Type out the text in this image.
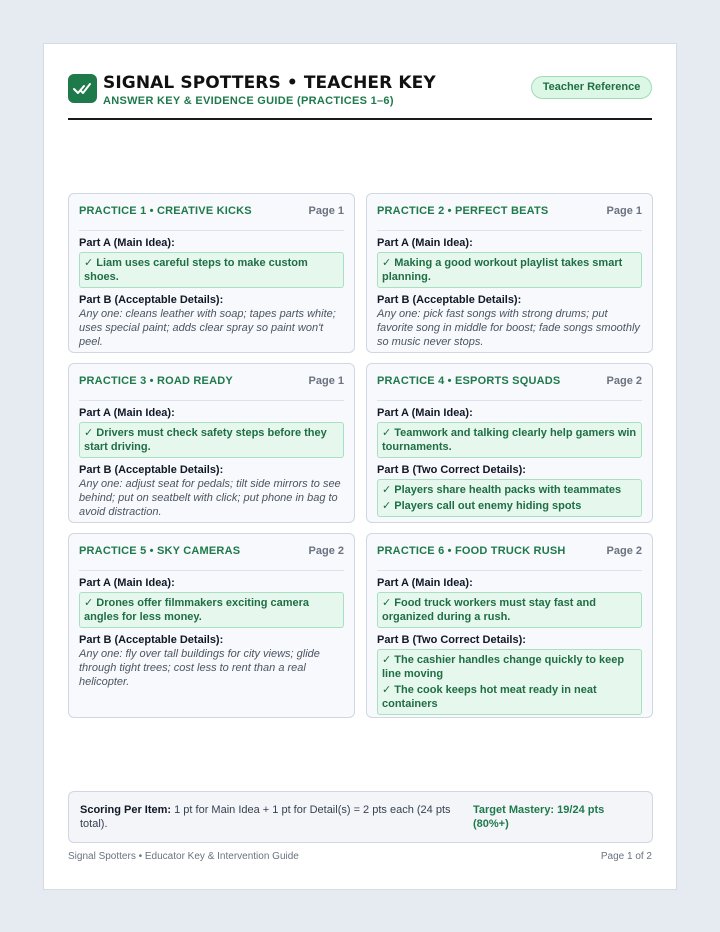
SIGNAL SPOTTERS • TEACHER KEY
ANSWER KEY & EVIDENCE GUIDE (PRACTICES 1–6)
Teacher Reference
PRACTICE 1 • CREATIVE KICKS	Page 1
Part A (Main Idea):
✓ Liam uses careful steps to make custom shoes.
Part B (Acceptable Details):
Any one: cleans leather with soap; tapes parts white; uses special paint; adds clear spray so paint won't peel.
PRACTICE 2 • PERFECT BEATS	Page 1
Part A (Main Idea):
✓ Making a good workout playlist takes smart planning.
Part B (Acceptable Details):
Any one: pick fast songs with strong drums; put favorite song in middle for boost; fade songs smoothly so music never stops.
PRACTICE 3 • ROAD READY	Page 1
Part A (Main Idea):
✓ Drivers must check safety steps before they start driving.
Part B (Acceptable Details):
Any one: adjust seat for pedals; tilt side mirrors to see behind; put on seatbelt with click; put phone in bag to avoid distraction.
PRACTICE 4 • ESPORTS SQUADS	Page 2
Part A (Main Idea):
✓ Teamwork and talking clearly help gamers win tournaments.
Part B (Two Correct Details):
✓ Players share health packs with teammates
✓ Players call out enemy hiding spots
PRACTICE 5 • SKY CAMERAS	Page 2
Part A (Main Idea):
✓ Drones offer filmmakers exciting camera angles for less money.
Part B (Acceptable Details):
Any one: fly over tall buildings for city views; glide through tight trees; cost less to rent than a real helicopter.
PRACTICE 6 • FOOD TRUCK RUSH	Page 2
Part A (Main Idea):
✓ Food truck workers must stay fast and organized during a rush.
Part B (Two Correct Details):
✓ The cashier handles change quickly to keep line moving
✓ The cook keeps hot meat ready in neat containers
Scoring Per Item: 1 pt for Main Idea + 1 pt for Detail(s) = 2 pts each (24 pts total).
Target Mastery: 19/24 pts (80%+)
Signal Spotters • Educator Key & Intervention Guide	Page 1 of 2
